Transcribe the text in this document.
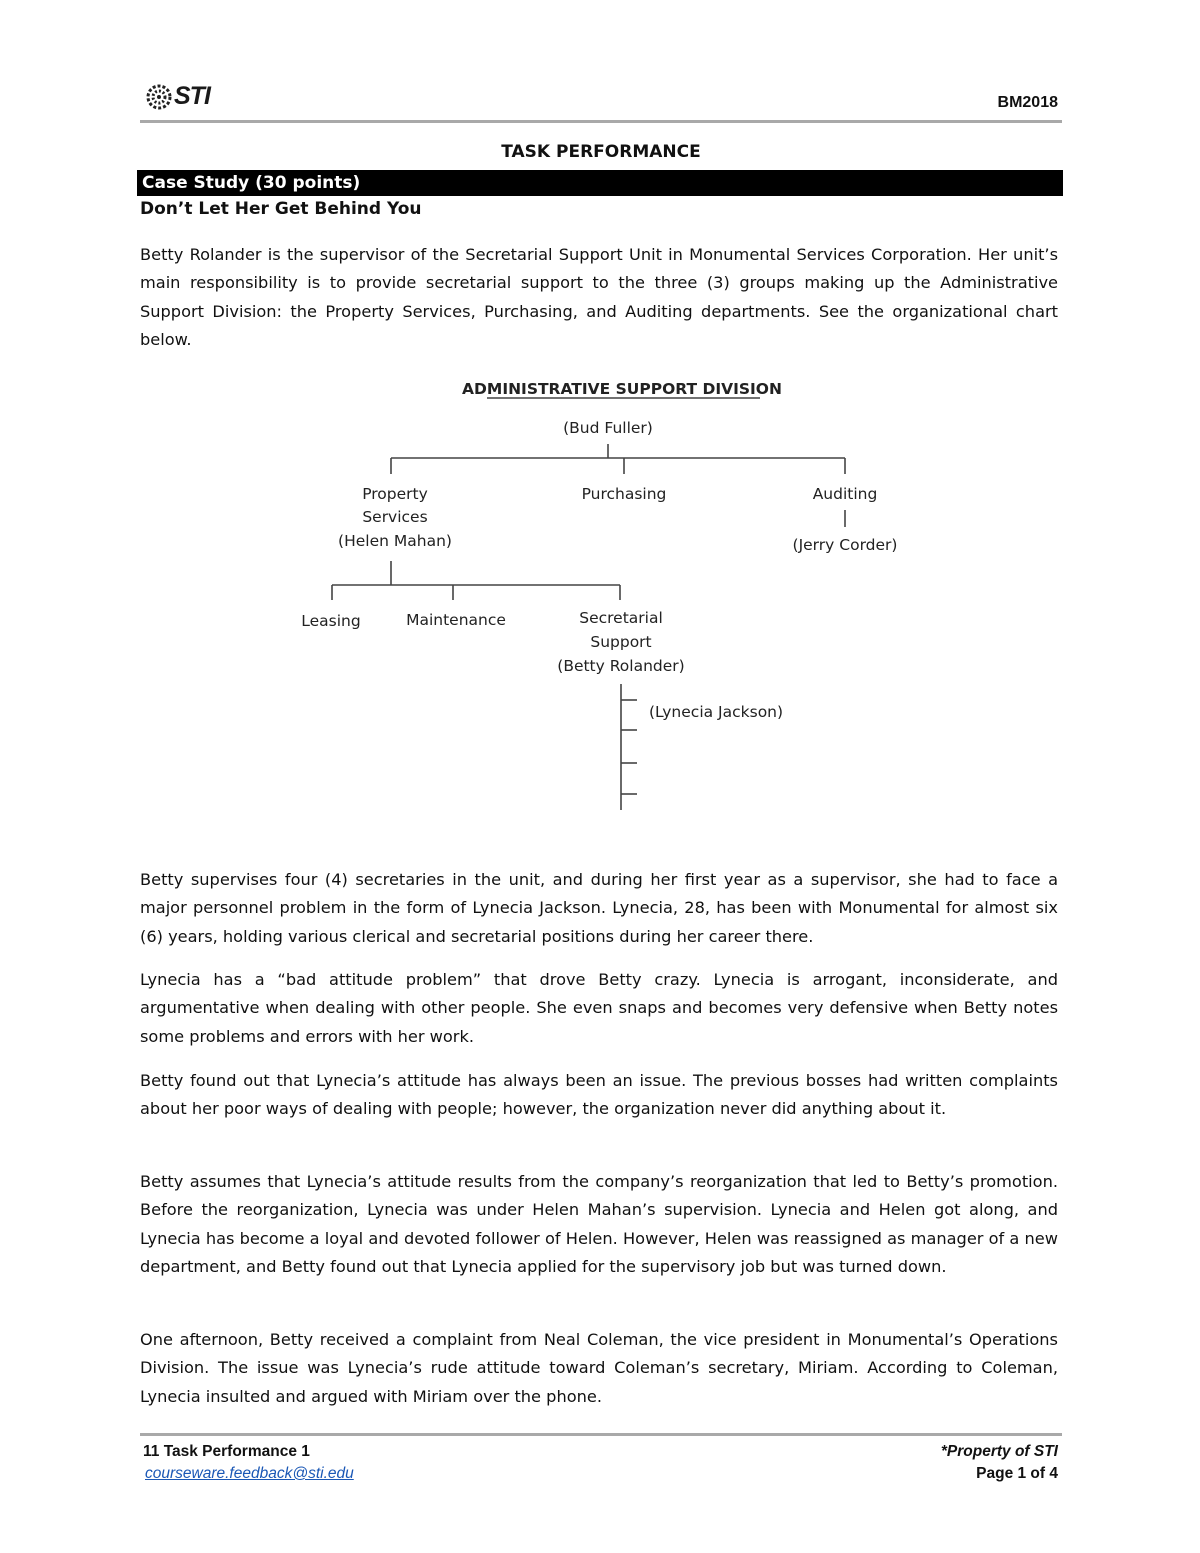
STI	BM2018
TASK PERFORMANCE
Case Study (30 points)
Don’t Let Her Get Behind You

Betty Rolander is the supervisor of the Secretarial Support Unit in Monumental Services Corporation. Her unit’s main responsibility is to provide secretarial support to the three (3) groups making up the Administrative Support Division: the Property Services, Purchasing, and Auditing departments. See the organizational chart below.

ADMINISTRATIVE SUPPORT DIVISION
(Bud Fuller)
Property
Services
(Helen Mahan)
Purchasing	Auditing
(Jerry Corder)
Leasing	Maintenance	Secretarial
Support
(Betty Rolander)
(Lynecia Jackson)

Betty supervises four (4) secretaries in the unit, and during her first year as a supervisor, she had to face a major personnel problem in the form of Lynecia Jackson. Lynecia, 28, has been with Monumental for almost six (6) years, holding various clerical and secretarial positions during her career there.

Lynecia has a “bad attitude problem” that drove Betty crazy. Lynecia is arrogant, inconsiderate, and argumentative when dealing with other people. She even snaps and becomes very defensive when Betty notes some problems and errors with her work.

Betty found out that Lynecia’s attitude has always been an issue. The previous bosses had written complaints about her poor ways of dealing with people; however, the organization never did anything about it.

Betty assumes that Lynecia’s attitude results from the company’s reorganization that led to Betty’s promotion. Before the reorganization, Lynecia was under Helen Mahan’s supervision. Lynecia and Helen got along, and Lynecia has become a loyal and devoted follower of Helen. However, Helen was reassigned as manager of a new department, and Betty found out that Lynecia applied for the supervisory job but was turned down.

One afternoon, Betty received a complaint from Neal Coleman, the vice president in Monumental’s Operations Division. The issue was Lynecia’s rude attitude toward Coleman’s secretary, Miriam. According to Coleman, Lynecia insulted and argued with Miriam over the phone.

11 Task Performance 1
courseware.feedback@sti.edu
*Property of STI
Page 1 of 4
